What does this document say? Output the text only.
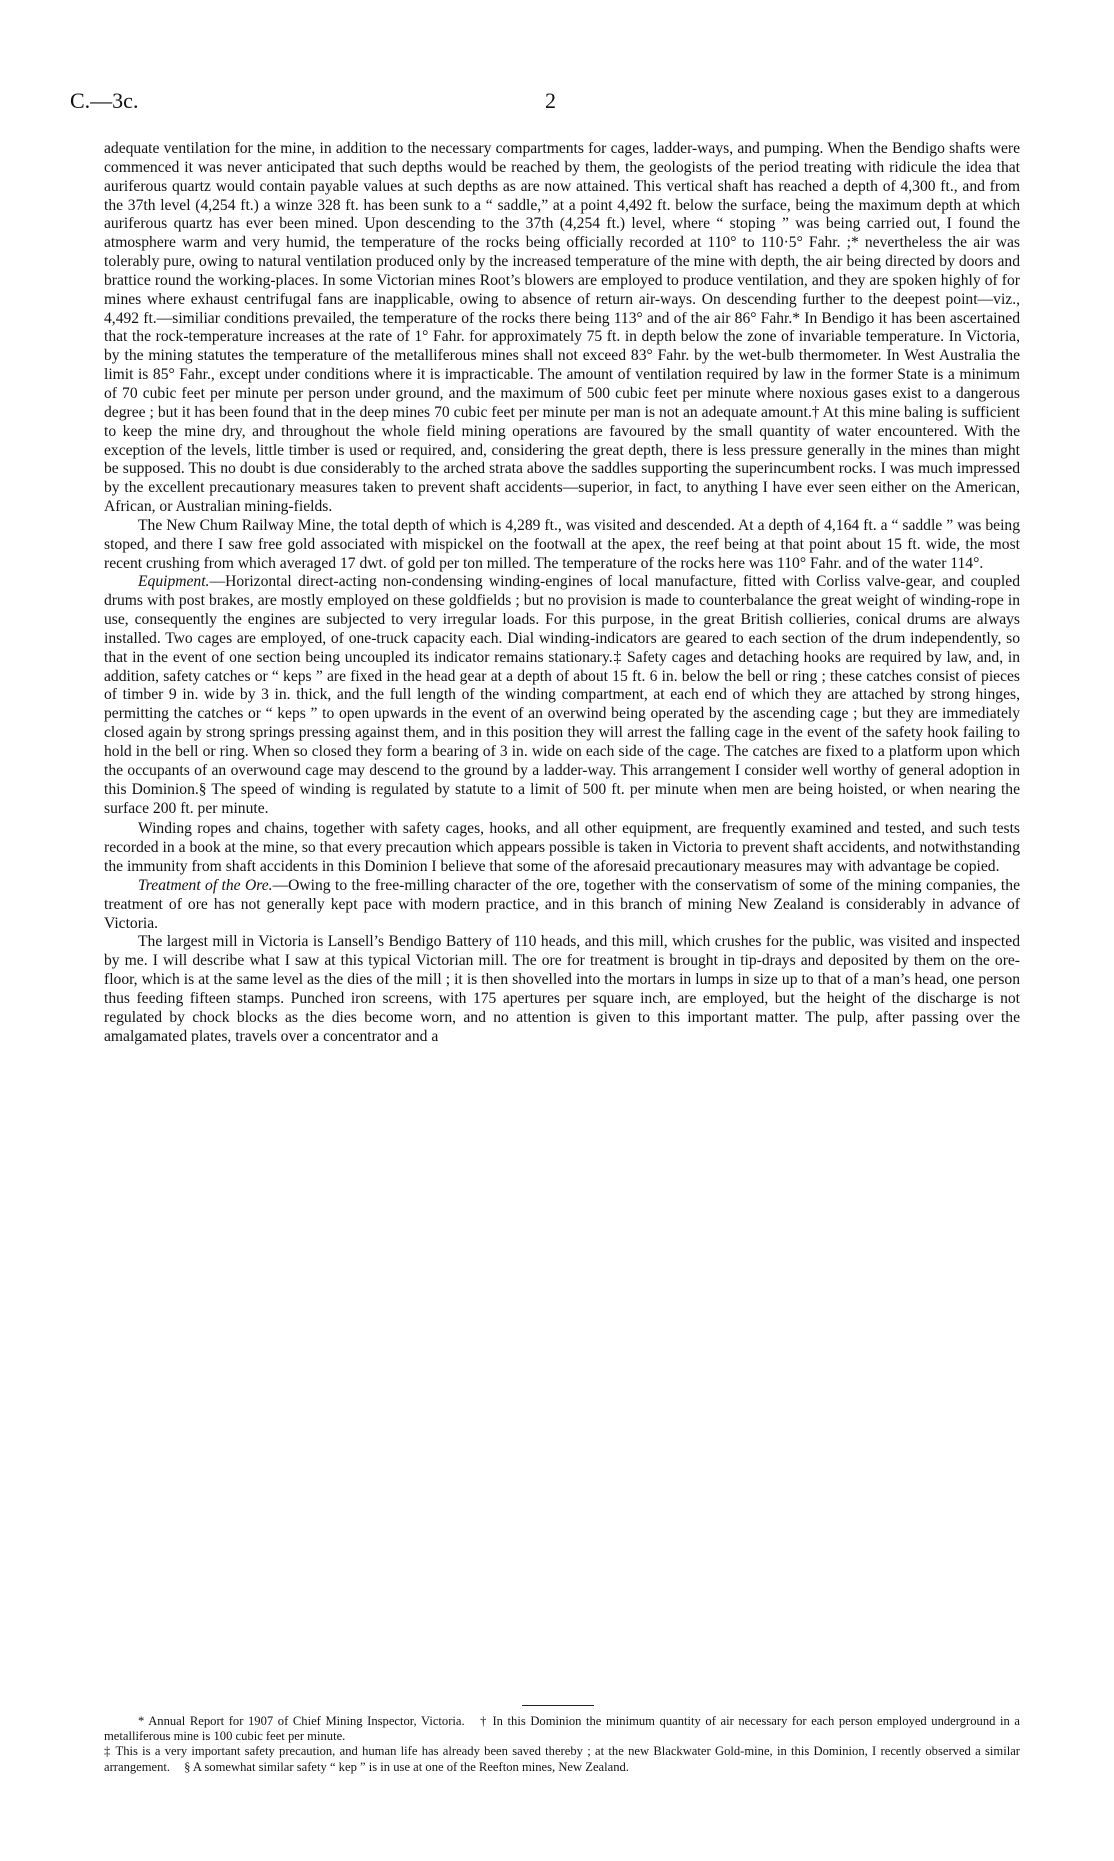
C.—3c.	2

adequate ventilation for the mine, in addition to the necessary compartments for cages, ladder-ways, and pumping. When the Bendigo shafts were commenced it was never anticipated that such depths would be reached by them, the geologists of the period treating with ridicule the idea that auriferous quartz would contain payable values at such depths as are now attained. This vertical shaft has reached a depth of 4,300 ft., and from the 37th level (4,254 ft.) a winze 328 ft. has been sunk to a “ saddle,” at a point 4,492 ft. below the surface, being the maximum depth at which auriferous quartz has ever been mined. Upon descending to the 37th (4,254 ft.) level, where “ stoping ” was being carried out, I found the atmosphere warm and very humid, the temperature of the rocks being officially recorded at 110° to 110·5° Fahr. ;* nevertheless the air was tolerably pure, owing to natural ventilation produced only by the increased temperature of the mine with depth, the air being directed by doors and brattice round the working-places. In some Victorian mines Root’s blowers are employed to produce ventilation, and they are spoken highly of for mines where exhaust centrifugal fans are inapplicable, owing to absence of return air-ways. On descending further to the deepest point—viz., 4,492 ft.—similiar conditions prevailed, the temperature of the rocks there being 113° and of the air 86° Fahr.* In Bendigo it has been ascertained that the rock-temperature increases at the rate of 1° Fahr. for approximately 75 ft. in depth below the zone of invariable temperature. In Victoria, by the mining statutes the temperature of the metalliferous mines shall not exceed 83° Fahr. by the wet-bulb thermometer. In West Australia the limit is 85° Fahr., except under conditions where it is impracticable. The amount of ventilation required by law in the former State is a minimum of 70 cubic feet per minute per person under ground, and the maximum of 500 cubic feet per minute where noxious gases exist to a dangerous degree ; but it has been found that in the deep mines 70 cubic feet per minute per man is not an adequate amount.† At this mine baling is sufficient to keep the mine dry, and throughout the whole field mining operations are favoured by the small quantity of water encountered. With the exception of the levels, little timber is used or required, and, considering the great depth, there is less pressure generally in the mines than might be supposed. This no doubt is due considerably to the arched strata above the saddles supporting the superincumbent rocks. I was much impressed by the excellent precautionary measures taken to prevent shaft accidents—superior, in fact, to anything I have ever seen either on the American, African, or Australian mining-fields.

The New Chum Railway Mine, the total depth of which is 4,289 ft., was visited and descended. At a depth of 4,164 ft. a “ saddle ” was being stoped, and there I saw free gold associated with mispickel on the footwall at the apex, the reef being at that point about 15 ft. wide, the most recent crushing from which averaged 17 dwt. of gold per ton milled. The temperature of the rocks here was 110° Fahr. and of the water 114°.

Equipment.—Horizontal direct-acting non-condensing winding-engines of local manufacture, fitted with Corliss valve-gear, and coupled drums with post brakes, are mostly employed on these goldfields ; but no provision is made to counterbalance the great weight of winding-rope in use, consequently the engines are subjected to very irregular loads. For this purpose, in the great British collieries, conical drums are always installed. Two cages are employed, of one-truck capacity each. Dial winding-indicators are geared to each section of the drum independently, so that in the event of one section being uncoupled its indicator remains stationary.‡ Safety cages and detaching hooks are required by law, and, in addition, safety catches or “ keps ” are fixed in the head gear at a depth of about 15 ft. 6 in. below the bell or ring ; these catches consist of pieces of timber 9 in. wide by 3 in. thick, and the full length of the winding compartment, at each end of which they are attached by strong hinges, permitting the catches or “ keps ” to open upwards in the event of an overwind being operated by the ascending cage ; but they are immediately closed again by strong springs pressing against them, and in this position they will arrest the falling cage in the event of the safety hook failing to hold in the bell or ring. When so closed they form a bearing of 3 in. wide on each side of the cage. The catches are fixed to a platform upon which the occupants of an overwound cage may descend to the ground by a ladder-way. This arrangement I consider well worthy of general adoption in this Dominion.§ The speed of winding is regulated by statute to a limit of 500 ft. per minute when men are being hoisted, or when nearing the surface 200 ft. per minute.

Winding ropes and chains, together with safety cages, hooks, and all other equipment, are frequently examined and tested, and such tests recorded in a book at the mine, so that every precaution which appears possible is taken in Victoria to prevent shaft accidents, and notwithstanding the immunity from shaft accidents in this Dominion I believe that some of the aforesaid precautionary measures may with advantage be copied.

Treatment of the Ore.—Owing to the free-milling character of the ore, together with the conservatism of some of the mining companies, the treatment of ore has not generally kept pace with modern practice, and in this branch of mining New Zealand is considerably in advance of Victoria.

The largest mill in Victoria is Lansell’s Bendigo Battery of 110 heads, and this mill, which crushes for the public, was visited and inspected by me. I will describe what I saw at this typical Victorian mill. The ore for treatment is brought in tip-drays and deposited by them on the ore-floor, which is at the same level as the dies of the mill ; it is then shovelled into the mortars in lumps in size up to that of a man’s head, one person thus feeding fifteen stamps. Punched iron screens, with 175 apertures per square inch, are employed, but the height of the discharge is not regulated by chock blocks as the dies become worn, and no attention is given to this important matter. The pulp, after passing over the amalgamated plates, travels over a concentrator and a

* Annual Report for 1907 of Chief Mining Inspector, Victoria. † In this Dominion the minimum quantity of air necessary for each person employed underground in a metalliferous mine is 100 cubic feet per minute.

‡ This is a very important safety precaution, and human life has already been saved thereby ; at the new Blackwater Gold-mine, in this Dominion, I recently observed a similar arrangement. § A somewhat similar safety “ kep ” is in use at one of the Reefton mines, New Zealand.
